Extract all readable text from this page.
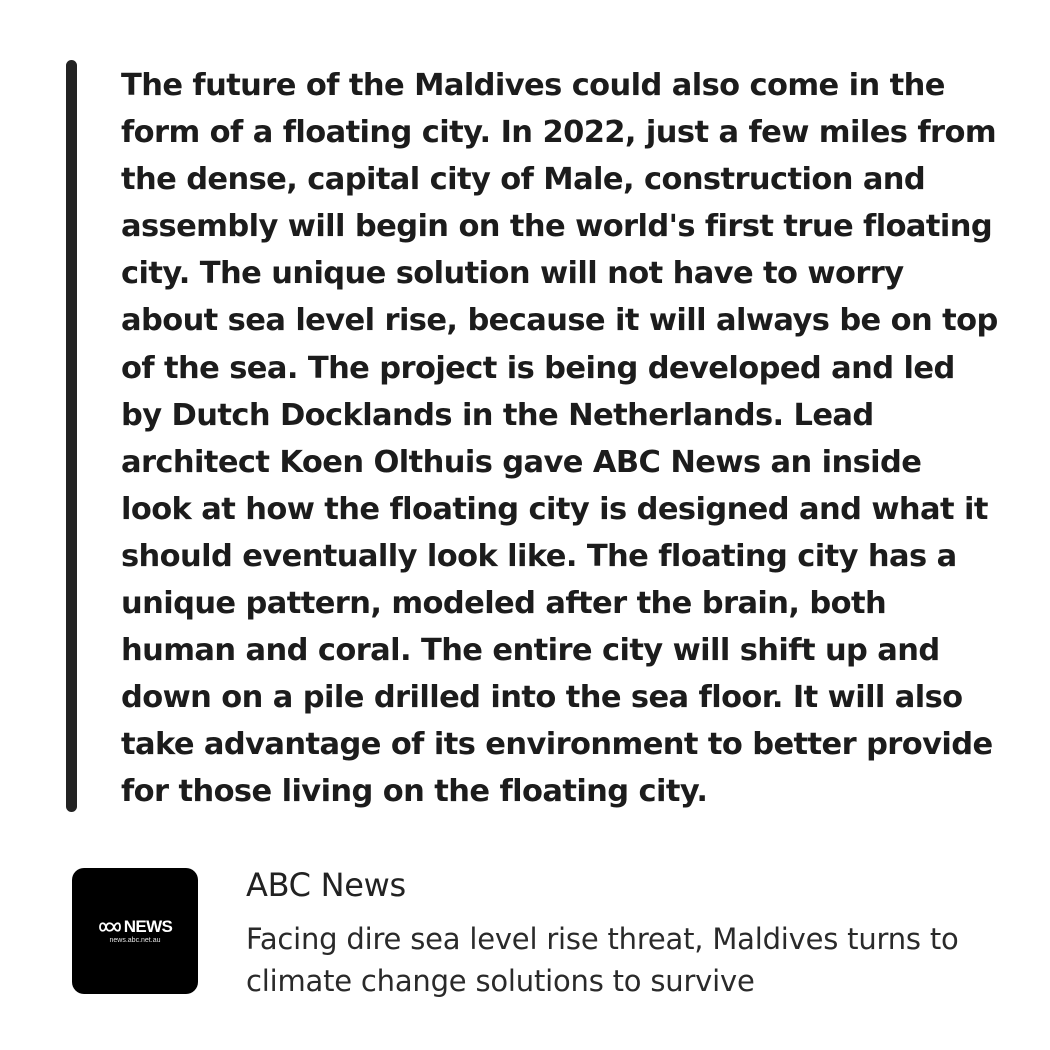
The future of the Maldives could also come in the form of a floating city. In 2022, just a few miles from the dense, capital city of Male, construction and assembly will begin on the world's first true floating city. The unique solution will not have to worry about sea level rise, because it will always be on top of the sea. The project is being developed and led by Dutch Docklands in the Netherlands. Lead architect Koen Olthuis gave ABC News an inside look at how the floating city is designed and what it should eventually look like. The floating city has a unique pattern, modeled after the brain, both human and coral. The entire city will shift up and down on a pile drilled into the sea floor. It will also take advantage of its environment to better provide for those living on the floating city.

NEWS
news.abc.net.au

ABC News

Facing dire sea level rise threat, Maldives turns to climate change solutions to survive
